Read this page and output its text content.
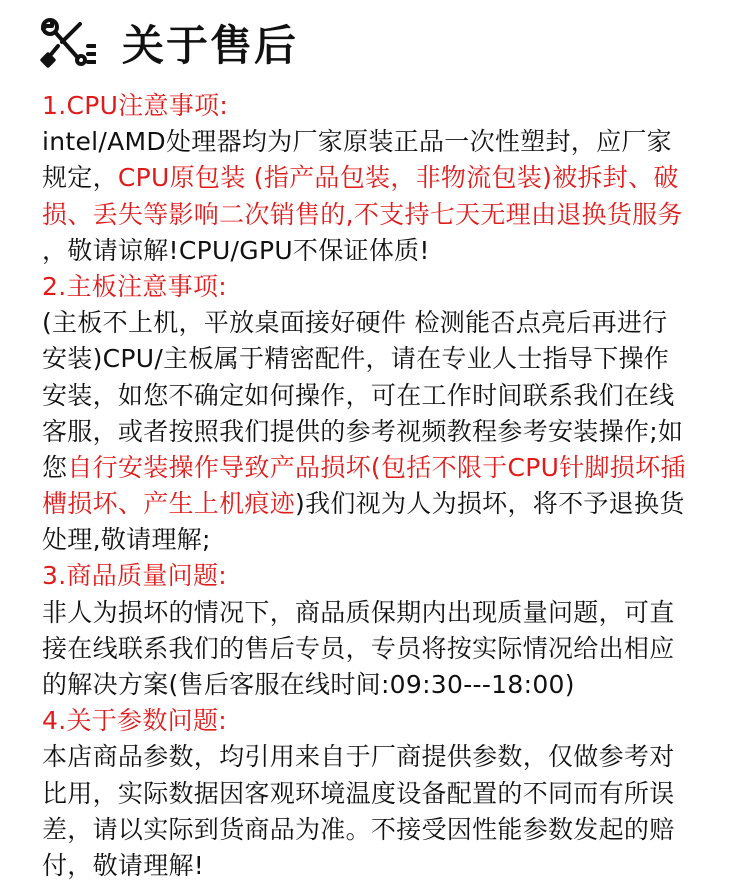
关于售后
1.CPU注意事项:
intel/AMD处理器均为厂家原装正品一次性塑封，应厂家
规定，CPU原包装 (指产品包装，非物流包装)被拆封、破
损、丢失等影响二次销售的,不支持七天无理由退换货服务
，敬请谅解!CPU/GPU不保证体质!
2.主板注意事项:
(主板不上机，平放桌面接好硬件 检测能否点亮后再进行
安装)CPU/主板属于精密配件，请在专业人士指导下操作
安装，如您不确定如何操作，可在工作时间联系我们在线
客服，或者按照我们提供的参考视频教程参考安装操作;如
您自行安装操作导致产品损坏(包括不限于CPU针脚损坏插
槽损坏、产生上机痕迹)我们视为人为损坏，将不予退换货
处理,敬请理解;
3.商品质量问题:
非人为损坏的情况下，商品质保期内出现质量问题，可直
接在线联系我们的售后专员，专员将按实际情况给出相应
的解决方案(售后客服在线时间:09:30---18:00)
4.关于参数问题:
本店商品参数，均引用来自于厂商提供参数，仅做参考对
比用，实际数据因客观环境温度设备配置的不同而有所误
差，请以实际到货商品为准。不接受因性能参数发起的赔
付，敬请理解!
